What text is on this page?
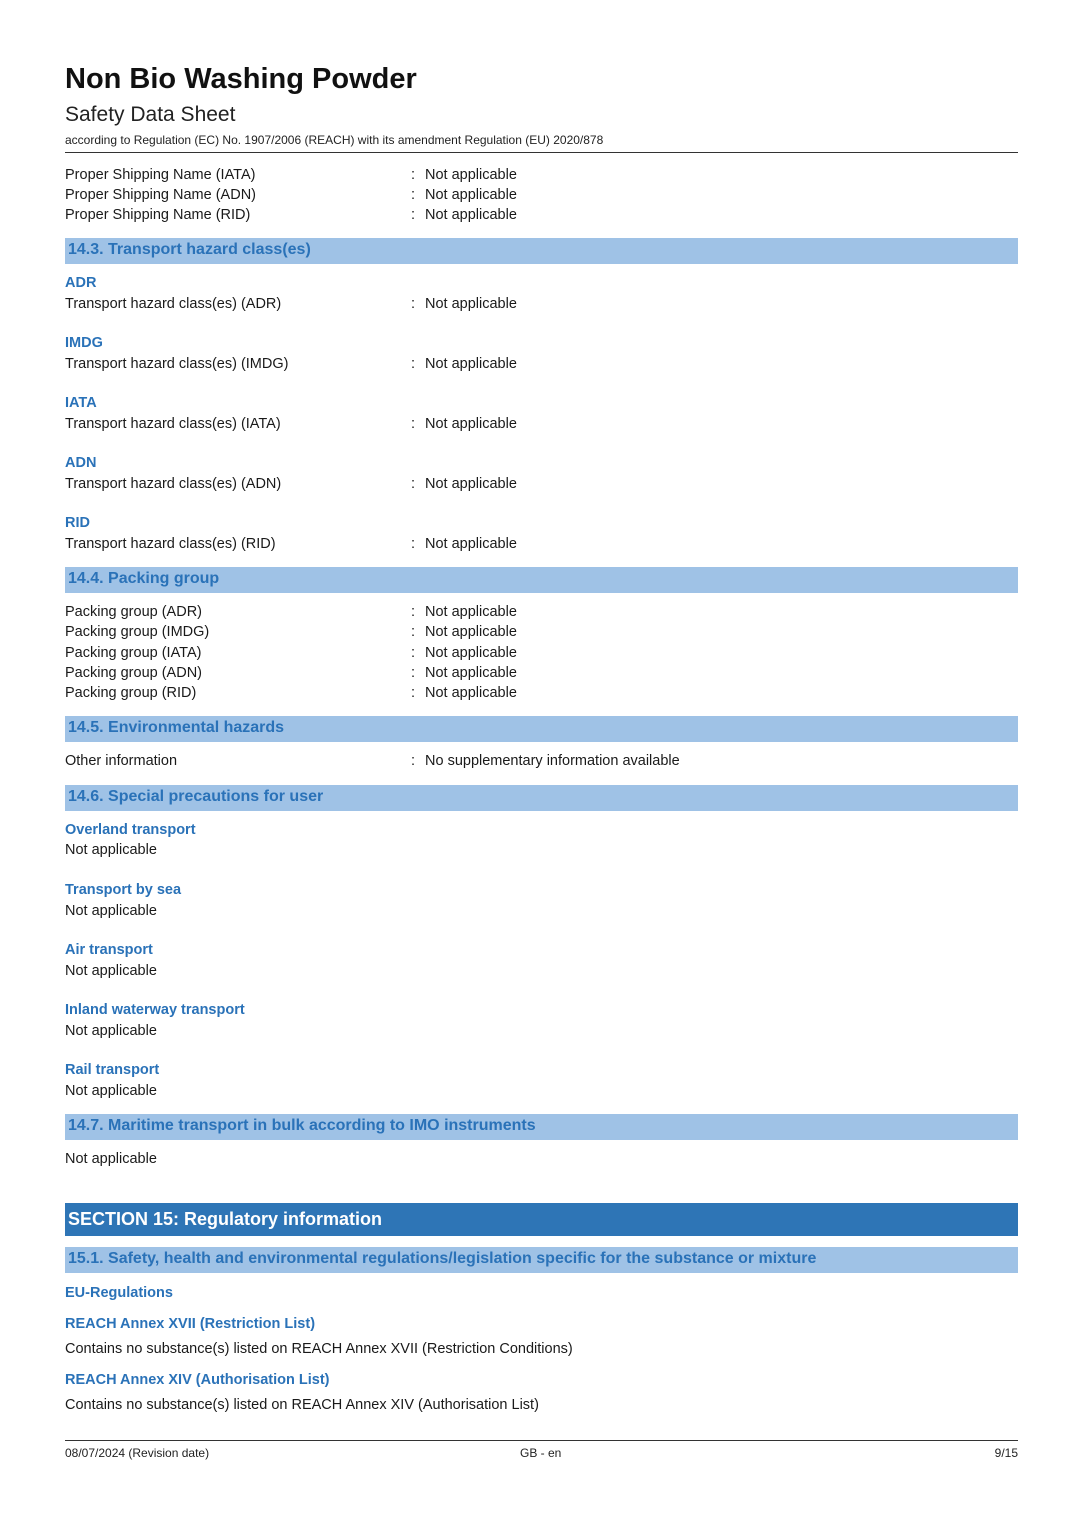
Non Bio Washing Powder
Safety Data Sheet
according to Regulation (EC) No. 1907/2006 (REACH) with its amendment Regulation (EU) 2020/878
Proper Shipping Name (IATA)	: Not applicable
Proper Shipping Name (ADN)	: Not applicable
Proper Shipping Name (RID)	: Not applicable
14.3. Transport hazard class(es)
ADR
Transport hazard class(es) (ADR)	: Not applicable
IMDG
Transport hazard class(es) (IMDG)	: Not applicable
IATA
Transport hazard class(es) (IATA)	: Not applicable
ADN
Transport hazard class(es) (ADN)	: Not applicable
RID
Transport hazard class(es) (RID)	: Not applicable
14.4. Packing group
Packing group (ADR)	: Not applicable
Packing group (IMDG)	: Not applicable
Packing group (IATA)	: Not applicable
Packing group (ADN)	: Not applicable
Packing group (RID)	: Not applicable
14.5. Environmental hazards
Other information	: No supplementary information available
14.6. Special precautions for user
Overland transport
Not applicable
Transport by sea
Not applicable
Air transport
Not applicable
Inland waterway transport
Not applicable
Rail transport
Not applicable
14.7. Maritime transport in bulk according to IMO instruments
Not applicable
SECTION 15: Regulatory information
15.1. Safety, health and environmental regulations/legislation specific for the substance or mixture
EU-Regulations
REACH Annex XVII (Restriction List)
Contains no substance(s) listed on REACH Annex XVII (Restriction Conditions)
REACH Annex XIV (Authorisation List)
Contains no substance(s) listed on REACH Annex XIV (Authorisation List)
08/07/2024 (Revision date)	GB - en	9/15
